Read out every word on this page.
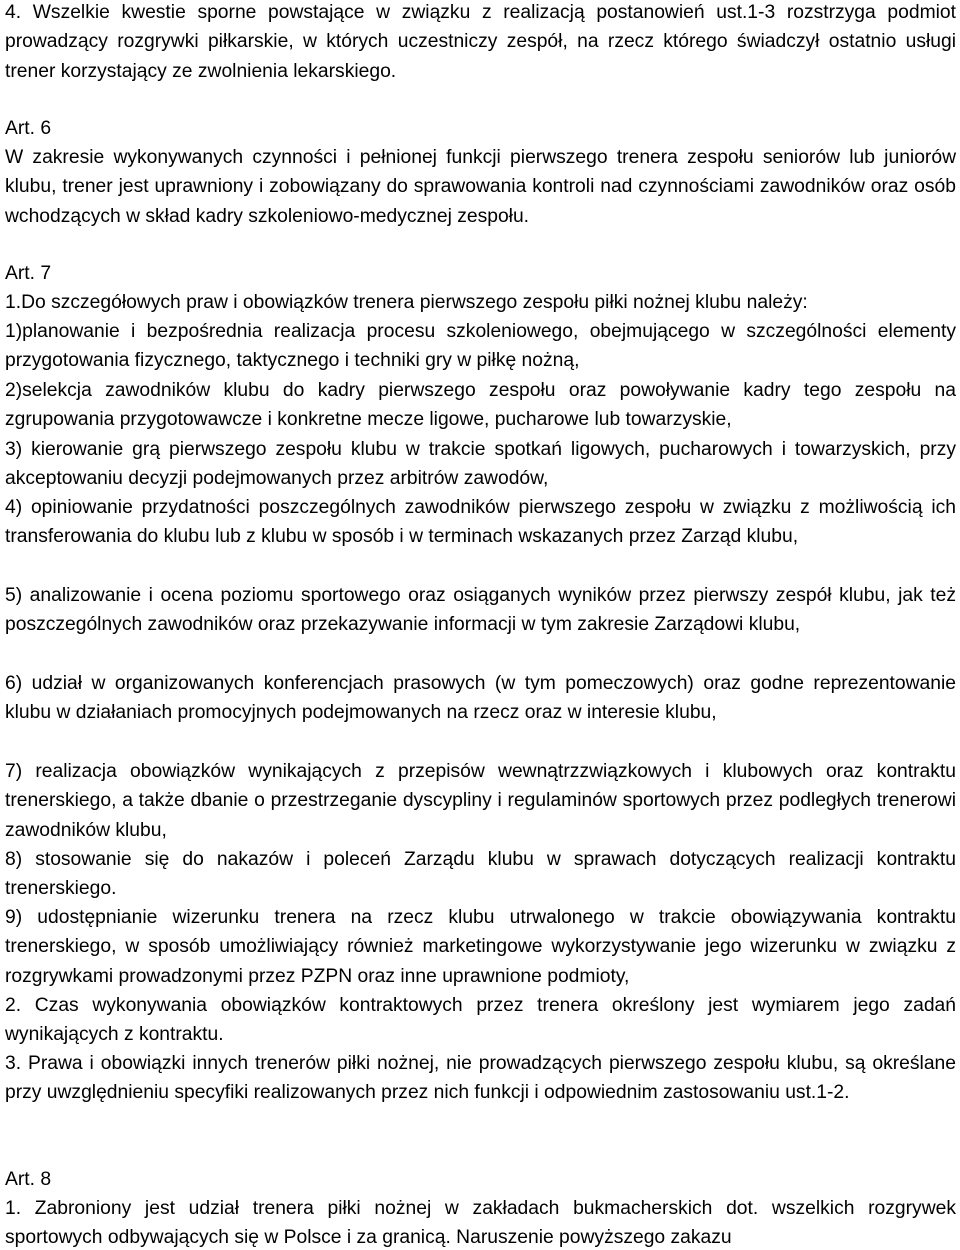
4. Wszelkie kwestie sporne powstające w związku z realizacją postanowień ust.1-3 rozstrzyga podmiot prowadzący rozgrywki piłkarskie, w których uczestniczy zespół, na rzecz którego świadczył ostatnio usługi trener korzystający ze zwolnienia lekarskiego.

Art. 6

W zakresie wykonywanych czynności i pełnionej funkcji pierwszego trenera zespołu seniorów lub juniorów klubu, trener jest uprawniony i zobowiązany do sprawowania kontroli nad czynnościami zawodników oraz osób wchodzących w skład kadry szkoleniowo-medycznej zespołu.

Art. 7

1.Do szczegółowych praw i obowiązków trenera pierwszego zespołu piłki nożnej klubu należy:

1)planowanie i bezpośrednia realizacja procesu szkoleniowego, obejmującego w szczególności elementy przygotowania fizycznego, taktycznego i techniki gry w piłkę nożną,

2)selekcja zawodników klubu do kadry pierwszego zespołu oraz powoływanie kadry tego zespołu na zgrupowania przygotowawcze i konkretne mecze ligowe, pucharowe lub towarzyskie,

3) kierowanie grą pierwszego zespołu klubu w trakcie spotkań ligowych, pucharowych i towarzyskich, przy akceptowaniu decyzji podejmowanych przez arbitrów zawodów,

4) opiniowanie przydatności poszczególnych zawodników pierwszego zespołu w związku z możliwością ich transferowania do klubu lub z klubu w sposób i w terminach wskazanych przez Zarząd klubu,

5) analizowanie i ocena poziomu sportowego oraz osiąganych wyników przez pierwszy zespół klubu, jak też poszczególnych zawodników oraz przekazywanie informacji w tym zakresie Zarządowi klubu,

6) udział w organizowanych konferencjach prasowych (w tym pomeczowych) oraz godne reprezentowanie klubu w działaniach promocyjnych podejmowanych na rzecz oraz w interesie klubu,

7) realizacja obowiązków wynikających z przepisów wewnątrzzwiązkowych i klubowych oraz kontraktu trenerskiego, a także dbanie o przestrzeganie dyscypliny i regulaminów sportowych przez podległych trenerowi zawodników klubu,

8) stosowanie się do nakazów i poleceń Zarządu klubu w sprawach dotyczących realizacji kontraktu trenerskiego.

9) udostępnianie wizerunku trenera na rzecz klubu utrwalonego w trakcie obowiązywania kontraktu trenerskiego, w sposób umożliwiający również marketingowe wykorzystywanie jego wizerunku w związku z rozgrywkami prowadzonymi przez PZPN oraz inne uprawnione podmioty,

2. Czas wykonywania obowiązków kontraktowych przez trenera określony jest wymiarem jego zadań wynikających z kontraktu.

3. Prawa i obowiązki innych trenerów piłki nożnej, nie prowadzących pierwszego zespołu klubu, są określane przy uwzględnieniu specyfiki realizowanych przez nich funkcji i odpowiednim zastosowaniu ust.1-2.

Art. 8

1. Zabroniony jest udział trenera piłki nożnej w zakładach bukmacherskich dot. wszelkich rozgrywek sportowych odbywających się w Polsce i za granicą. Naruszenie powyższego zakazu
